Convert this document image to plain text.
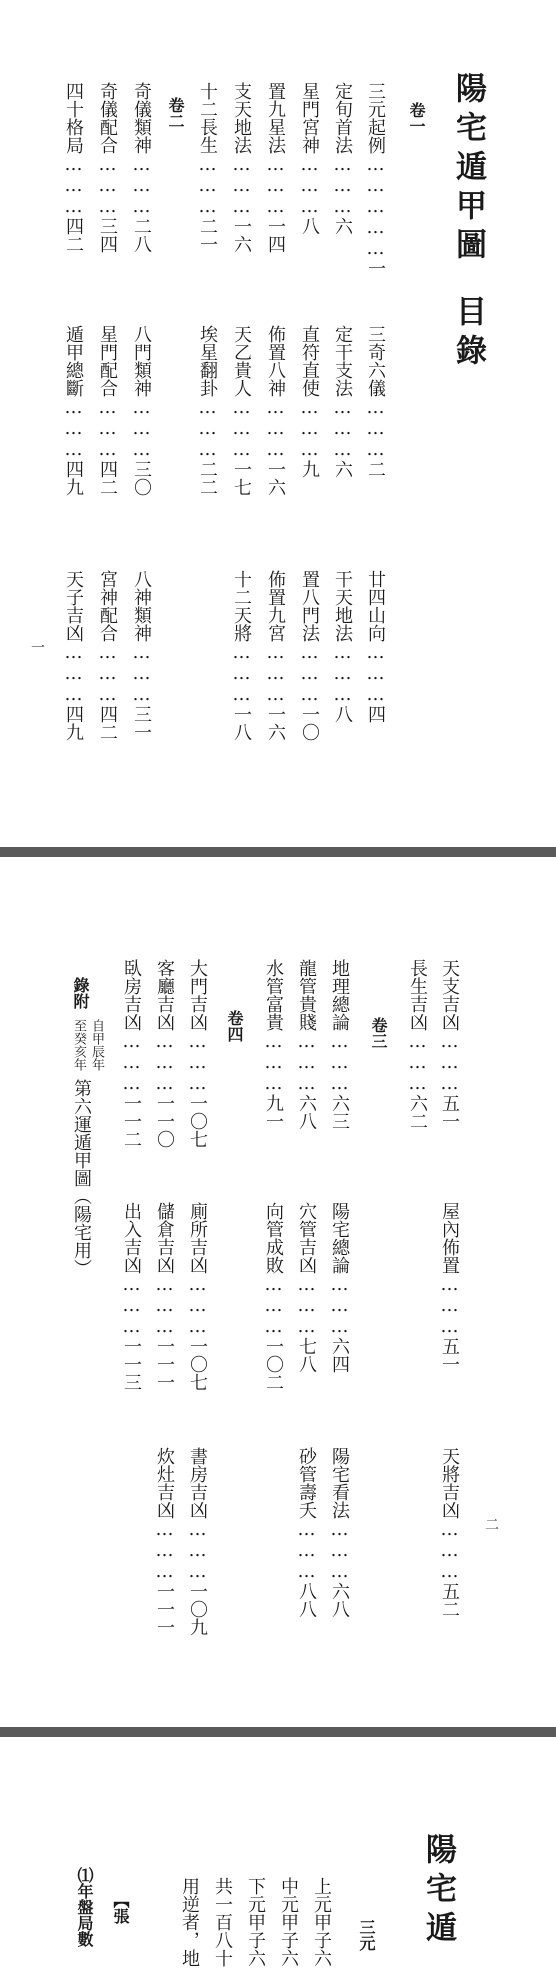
陽宅遁甲圖
目錄
卷一
三元起例……………一
定旬首法………六
星門宮神………八
置九星法………一四
支天地法………一六
十二長生………二一
卷二
奇儀類神………二八
奇儀配合………三四
四十格局………四二
三奇六儀………二
定干支法………六
直符直使………九
佈置八神………一六
天乙貴人………一七
埃星翻卦………二二
八門類神………三〇
星門配合………四二
遁甲總斷………四九
廿四山向………四
干天地法………八
置八門法………一〇
佈置九宮………一六
十二天將………一八
八神類神………三一
宮神配合………四二
天子吉凶………四九
一
天支吉凶………五一
長生吉凶………六二
卷三
地理總論………六三
龍管貴賤………六八
水管富貴………九一
卷四
大門吉凶………一〇七
客廳吉凶………一一〇
臥房吉凶………一一二
錄附
自甲辰年
至癸亥年
第六運遁甲圖（陽宅用）
屋內佈置………五一
陽宅總論………六四
穴管吉凶………七八
向管成敗………一〇二
廁所吉凶………一〇七
儲倉吉凶………一一一
出入吉凶………一一三
天將吉凶………五二
陽宅看法………六八
砂管壽夭………八八
書房吉凶………一〇九
炊灶吉凶………一一一	二
陽宅遁
三元
上元甲子六
中元甲子六
下元甲子六
共一百八十
用逆者，地
【張
⑴年盤局數
